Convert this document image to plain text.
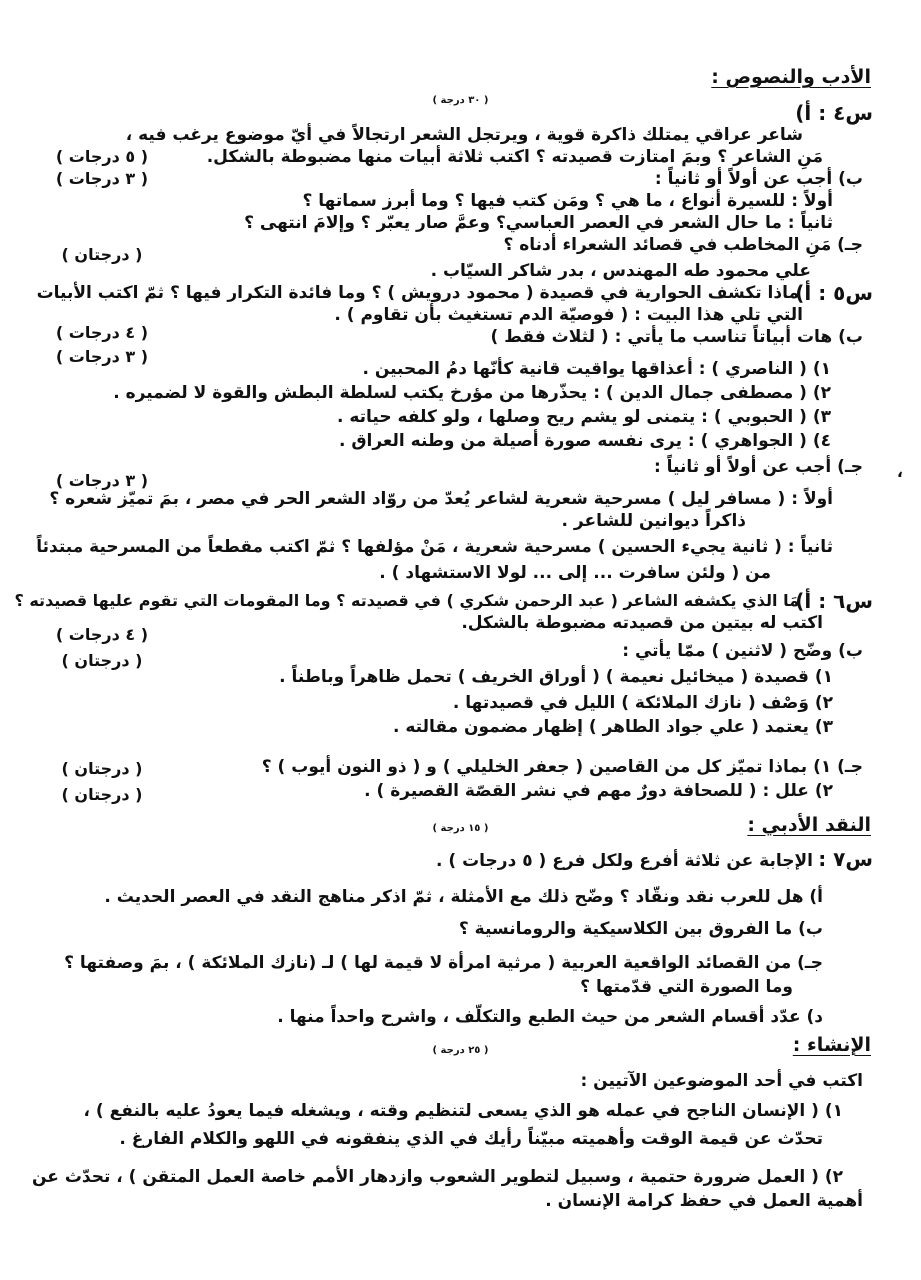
الأدب والنصوص :
( ٣٠ درجة )
س٤ : أ)
شاعر عراقي يمتلك ذاكرة قوية ، ويرتجل الشعر ارتجالاً في أيّ موضوع يرغب فيه ،
مَنِ الشاعر ؟ وبمَ امتازت قصيدته ؟ اكتب ثلاثة أبيات منها مضبوطة بالشكل.
( ٥ درجات )
ب) أجب عن أولاً أو ثانياً :
( ٣ درجات )
أولاً : للسيرة أنواع ، ما هي ؟ ومَن كتب فيها ؟ وما أبرز سماتها ؟
ثانياً : ما حال الشعر في العصر العباسي؟ وعمَّ صار يعبّر ؟ وإلامَ انتهى ؟
جـ) مَنِ المخاطب في قصائد الشعراء أدناه ؟
( درجتان )
علي محمود طه المهندس ، بدر شاكر السيّاب .
س٥ : أ)
ماذا تكشف الحوارية في قصيدة ( محمود درويش ) ؟ وما فائدة التكرار فيها ؟ ثمّ اكتب الأبيات
التي تلي هذا البيت : ( فوصيّة الدم تستغيث بأن تقاوم ) .
( ٤ درجات )	ب) هات أبياتاً تناسب ما يأتي : ( لثلاث فقط )
( ٣ درجات )
١) ( الناصري ) : أعذاقها يواقيت قانية كأنّها دمُ المحبين .
٢) ( مصطفى جمال الدين ) : يحذّرها من مؤرخ يكتب لسلطة البطش والقوة لا لضميره .
٣) ( الحبوبي ) : يتمنى لو يشم ريح وصلها ، ولو كلفه حياته .
٤) ( الجواهري ) : يرى نفسه صورة أصيلة من وطنه العراق .
جـ) أجب عن أولاً أو ثانياً :
( ٣ درجات )
أولاً : ( مسافر ليل ) مسرحية شعرية لشاعر يُعدّ من روّاد الشعر الحر في مصر ، بمَ تميّز شعره ؟
ذاكراً ديوانين للشاعر .
ثانياً : ( ثانية يجيء الحسين ) مسرحية شعرية ، مَنْ مؤلفها ؟ ثمّ اكتب مقطعاً من المسرحية مبتدئاً
من ( ولئن سافرت ... إلى ... لولا الاستشهاد ) .
س٦ : أ)
مَا الذي يكشفه الشاعر ( عبد الرحمن شكري ) في قصيدته ؟ وما المقومات التي تقوم عليها قصيدته ؟
اكتب له بيتين من قصيدته مضبوطة بالشكل.
( ٤ درجات )
ب) وضّح ( لاثنين ) ممّا يأتي :
( درجتان )
١) قصيدة ( ميخائيل نعيمة ) ( أوراق الخريف ) تحمل ظاهراً وباطناً .
٢) وَصْف ( نازك الملائكة ) الليل في قصيدتها .
٣) يعتمد ( علي جواد الطاهر ) إظهار مضمون مقالته .
جـ) ١) بماذا تميّز كل من القاصين ( جعفر الخليلي ) و ( ذو النون أيوب ) ؟
( درجتان )
٢) علل : ( للصحافة دورٌ مهم في نشر القصّة القصيرة ) .
( درجتان )
النقد الأدبي :
( ١٥ درجة )
س٧ :
الإجابة عن ثلاثة أفرع ولكل فرع ( ٥ درجات ) .
أ) هل للعرب نقد ونقّاد ؟ وضّح ذلك مع الأمثلة ، ثمّ اذكر مناهج النقد في العصر الحديث .
ب) ما الفروق بين الكلاسيكية والرومانسية ؟
جـ) من القصائد الواقعية العربية ( مرثية امرأة لا قيمة لها ) لـ (نازك الملائكة ) ، بمَ وصفتها ؟
وما الصورة التي قدّمتها ؟
د) عدّد أقسام الشعر من حيث الطبع والتكلّف ، واشرح واحداً منها .
الإنشاء :
( ٢٥ درجة )
اكتب في أحد الموضوعين الآتيين :
١) ( الإنسان الناجح في عمله هو الذي يسعى لتنظيم وقته ، ويشغله فيما يعودُ عليه بالنفع ) ،
تحدّث عن قيمة الوقت وأهميته مبيّناً رأيك في الذي ينفقونه في اللهو والكلام الفارغ .
٢) ( العمل ضرورة حتمية ، وسبيل لتطوير الشعوب وازدهار الأمم خاصة العمل المتقن ) ، تحدّث عن
أهمية العمل في حفظ كرامة الإنسان .
،
